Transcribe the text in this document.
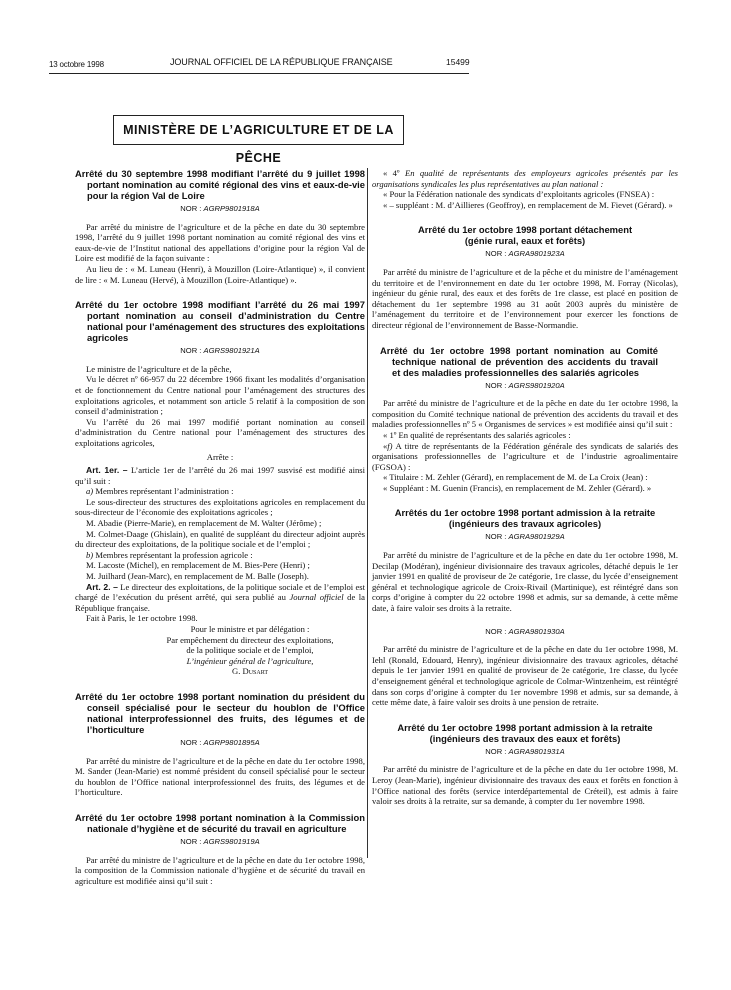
13 octobre 1998	JOURNAL OFFICIEL DE LA RÉPUBLIQUE FRANÇAISE	15499
MINISTÈRE DE L’AGRICULTURE ET DE LA PÊCHE
Arrêté du 30 septembre 1998 modifiant l’arrêté du 9 juillet 1998 portant nomination au comité régional des vins et eaux-de-vie pour la région Val de Loire
NOR : AGRP9801918A

Par arrêté du ministre de l’agriculture et de la pêche en date du 30 septembre 1998, l’arrêté du 9 juillet 1998 portant nomination au comité régional des vins et eaux-de-vie de l’Institut national des appellations d’origine pour la région Val de Loire est modifié de la façon suivante :

Au lieu de : « M. Luneau (Henri), à Mouzillon (Loire-Atlantique) », il convient de lire : « M. Luneau (Hervé), à Mouzillon (Loire-Atlantique) ».

Arrêté du 1er octobre 1998 modifiant l’arrêté du 26 mai 1997 portant nomination au conseil d’administration du Centre national pour l’aménagement des structures des exploitations agricoles
NOR : AGRS9801921A

Le ministre de l’agriculture et de la pêche,

Vu le décret nº 66-957 du 22 décembre 1966 fixant les modalités d’organisation et de fonctionnement du Centre national pour l’aménagement des structures des exploitations agricoles, et notamment son article 5 relatif à la composition de son conseil d’administration ;

Vu l’arrêté du 26 mai 1997 modifié portant nomination au conseil d’administration du Centre national pour l’aménagement des structures des exploitations agricoles,

Arrête :

Art. 1er. – L’article 1er de l’arrêté du 26 mai 1997 susvisé est modifié ainsi qu’il suit :

a) Membres représentant l’administration :

Le sous-directeur des structures des exploitations agricoles en remplacement du sous-directeur de l’économie des exploitations agricoles ;

M. Abadie (Pierre-Marie), en remplacement de M. Walter (Jérôme) ;

M. Colmet-Daage (Ghislain), en qualité de suppléant du directeur adjoint auprès du directeur des exploitations, de la politique sociale et de l’emploi ;

b) Membres représentant la profession agricole :

M. Lacoste (Michel), en remplacement de M. Bies-Pere (Henri) ;

M. Juilhard (Jean-Marc), en remplacement de M. Balle (Joseph).

Art. 2. – Le directeur des exploitations, de la politique sociale et de l’emploi est chargé de l’exécution du présent arrêté, qui sera publié au Journal officiel de la République française.

Fait à Paris, le 1er octobre 1998.

Pour le ministre et par délégation :

Par empêchement du directeur des exploitations,

de la politique sociale et de l’emploi,

L’ingénieur général de l’agriculture,

G. Dusart

Arrêté du 1er octobre 1998 portant nomination du président du conseil spécialisé pour le secteur du houblon de l’Office national interprofessionnel des fruits, des légumes et de l’horticulture
NOR : AGRP9801895A

Par arrêté du ministre de l’agriculture et de la pêche en date du 1er octobre 1998, M. Sander (Jean-Marie) est nommé président du conseil spécialisé pour le secteur du houblon de l’Office national interprofessionnel des fruits, des légumes et de l’horticulture.

Arrêté du 1er octobre 1998 portant nomination à la Commission nationale d’hygiène et de sécurité du travail en agriculture
NOR : AGRS9801919A

Par arrêté du ministre de l’agriculture et de la pêche en date du 1er octobre 1998, la composition de la Commission nationale d’hygiène et de sécurité du travail en agriculture est modifiée ainsi qu’il suit :

« 4º En qualité de représentants des employeurs agricoles présentés par les organisations syndicales les plus représentatives au plan national :

« Pour la Fédération nationale des syndicats d’exploitants agricoles (FNSEA) :

« – suppléant : M. d’Aillieres (Geoffroy), en remplacement de M. Fievet (Gérard). »

Arrêté du 1er octobre 1998 portant détachement (génie rural, eaux et forêts)
NOR : AGRA9801923A

Par arrêté du ministre de l’agriculture et de la pêche et du ministre de l’aménagement du territoire et de l’environnement en date du 1er octobre 1998, M. Forray (Nicolas), ingénieur du génie rural, des eaux et des forêts de 1re classe, est placé en position de détachement du 1er septembre 1998 au 31 août 2003 auprès du ministère de l’aménagement du territoire et de l’environnement pour exercer les fonctions de directeur régional de l’environnement de Basse-Normandie.

Arrêté du 1er octobre 1998 portant nomination au Comité technique national de prévention des accidents du travail et des maladies professionnelles des salariés agricoles
NOR : AGRS9801920A

Par arrêté du ministre de l’agriculture et de la pêche en date du 1er octobre 1998, la composition du Comité technique national de prévention des accidents du travail et des maladies professionnelles nº 5 « Organismes de services » est modifiée ainsi qu’il suit :

« 1º En qualité de représentants des salariés agricoles :

«f) A titre de représentants de la Fédération générale des syndicats de salariés des organisations professionnelles de l’agriculture et de l’industrie agroalimentaire (FGSOA) :

« Titulaire : M. Zehler (Gérard), en remplacement de M. de La Croix (Jean) :

« Suppléant : M. Guenin (Francis), en remplacement de M. Zehler (Gérard). »

Arrêtés du 1er octobre 1998 portant admission à la retraite (ingénieurs des travaux agricoles)
NOR : AGRA9801929A

Par arrêté du ministre de l’agriculture et de la pêche en date du 1er octobre 1998, M. Decilap (Modéran), ingénieur divisionnaire des travaux agricoles, détaché depuis le 1er janvier 1991 en qualité de proviseur de 2e catégorie, 1re classe, du lycée d’enseignement général et technologique agricole de Croix-Rivail (Martinique), est réintégré dans son corps d’origine à compter du 22 octobre 1998 et admis, sur sa demande, à cette même date, à faire valoir ses droits à la retraite.

NOR : AGRA9801930A

Par arrêté du ministre de l’agriculture et de la pêche en date du 1er octobre 1998, M. Iehl (Ronald, Edouard, Henry), ingénieur divisionnaire des travaux agricoles, détaché depuis le 1er janvier 1991 en qualité de proviseur de 2e catégorie, 1re classe, du lycée d’enseignement général et technologique agricole de Colmar-Wintzenheim, est réintégré dans son corps d’origine à compter du 1er novembre 1998 et admis, sur sa demande, à cette même date, à faire valoir ses droits à une pension de retraite.

Arrêté du 1er octobre 1998 portant admission à la retraite (ingénieurs des travaux des eaux et forêts)
NOR : AGRA9801931A

Par arrêté du ministre de l’agriculture et de la pêche en date du 1er octobre 1998, M. Leroy (Jean-Marie), ingénieur divisionnaire des travaux des eaux et forêts en fonction à l’Office national des forêts (service interdépartemental de Créteil), est admis à faire valoir ses droits à la retraite, sur sa demande, à compter du 1er novembre 1998.
